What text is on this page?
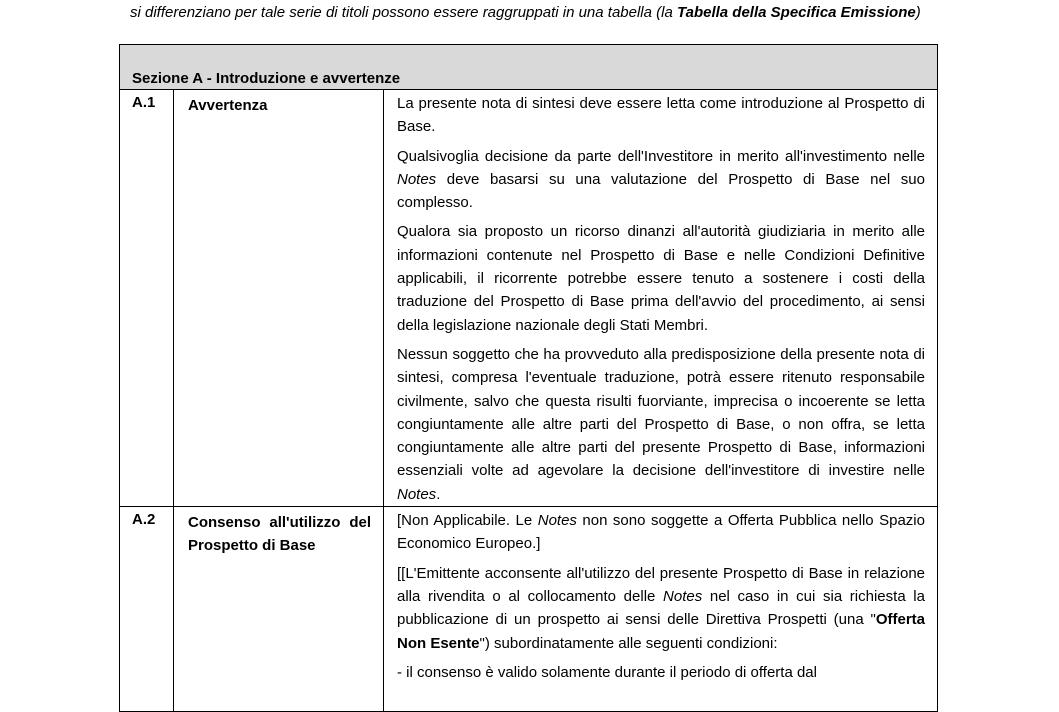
si differenziano per tale serie di titoli possono essere raggruppati in una tabella (la Tabella della Specifica Emissione)

Sezione A - Introduzione e avvertenze		

A.1	Avvertenza	La presente nota di sintesi deve essere letta come introduzione al Prospetto di Base.

Qualsivoglia decisione da parte dell'Investitore in merito all'investimento nelle Notes deve basarsi su una valutazione del Prospetto di Base nel suo complesso.

Qualora sia proposto un ricorso dinanzi all'autorità giudiziaria in merito alle informazioni contenute nel Prospetto di Base e nelle Condizioni Definitive applicabili, il ricorrente potrebbe essere tenuto a sostenere i costi della traduzione del Prospetto di Base prima dell'avvio del procedimento, ai sensi della legislazione nazionale degli Stati Membri.

Nessun soggetto che ha provveduto alla predisposizione della presente nota di sintesi, compresa l'eventuale traduzione, potrà essere ritenuto responsabile civilmente, salvo che questa risulti fuorviante, imprecisa o incoerente se letta congiuntamente alle altre parti del Prospetto di Base, o non offra, se letta congiuntamente alle altre parti del presente Prospetto di Base, informazioni essenziali volte ad agevolare la decisione dell'investitore di investire nelle Notes.

A.2	Consenso all'utilizzo del Prospetto di Base	[Non Applicabile. Le Notes non sono soggette a Offerta Pubblica nello Spazio Economico Europeo.]

[[L'Emittente acconsente all'utilizzo del presente Prospetto di Base in relazione alla rivendita o al collocamento delle Notes nel caso in cui sia richiesta la pubblicazione di un prospetto ai sensi delle Direttiva Prospetti (una "Offerta Non Esente") subordinatamente alle seguenti condizioni:

- il consenso è valido solamente durante il periodo di offerta dal
